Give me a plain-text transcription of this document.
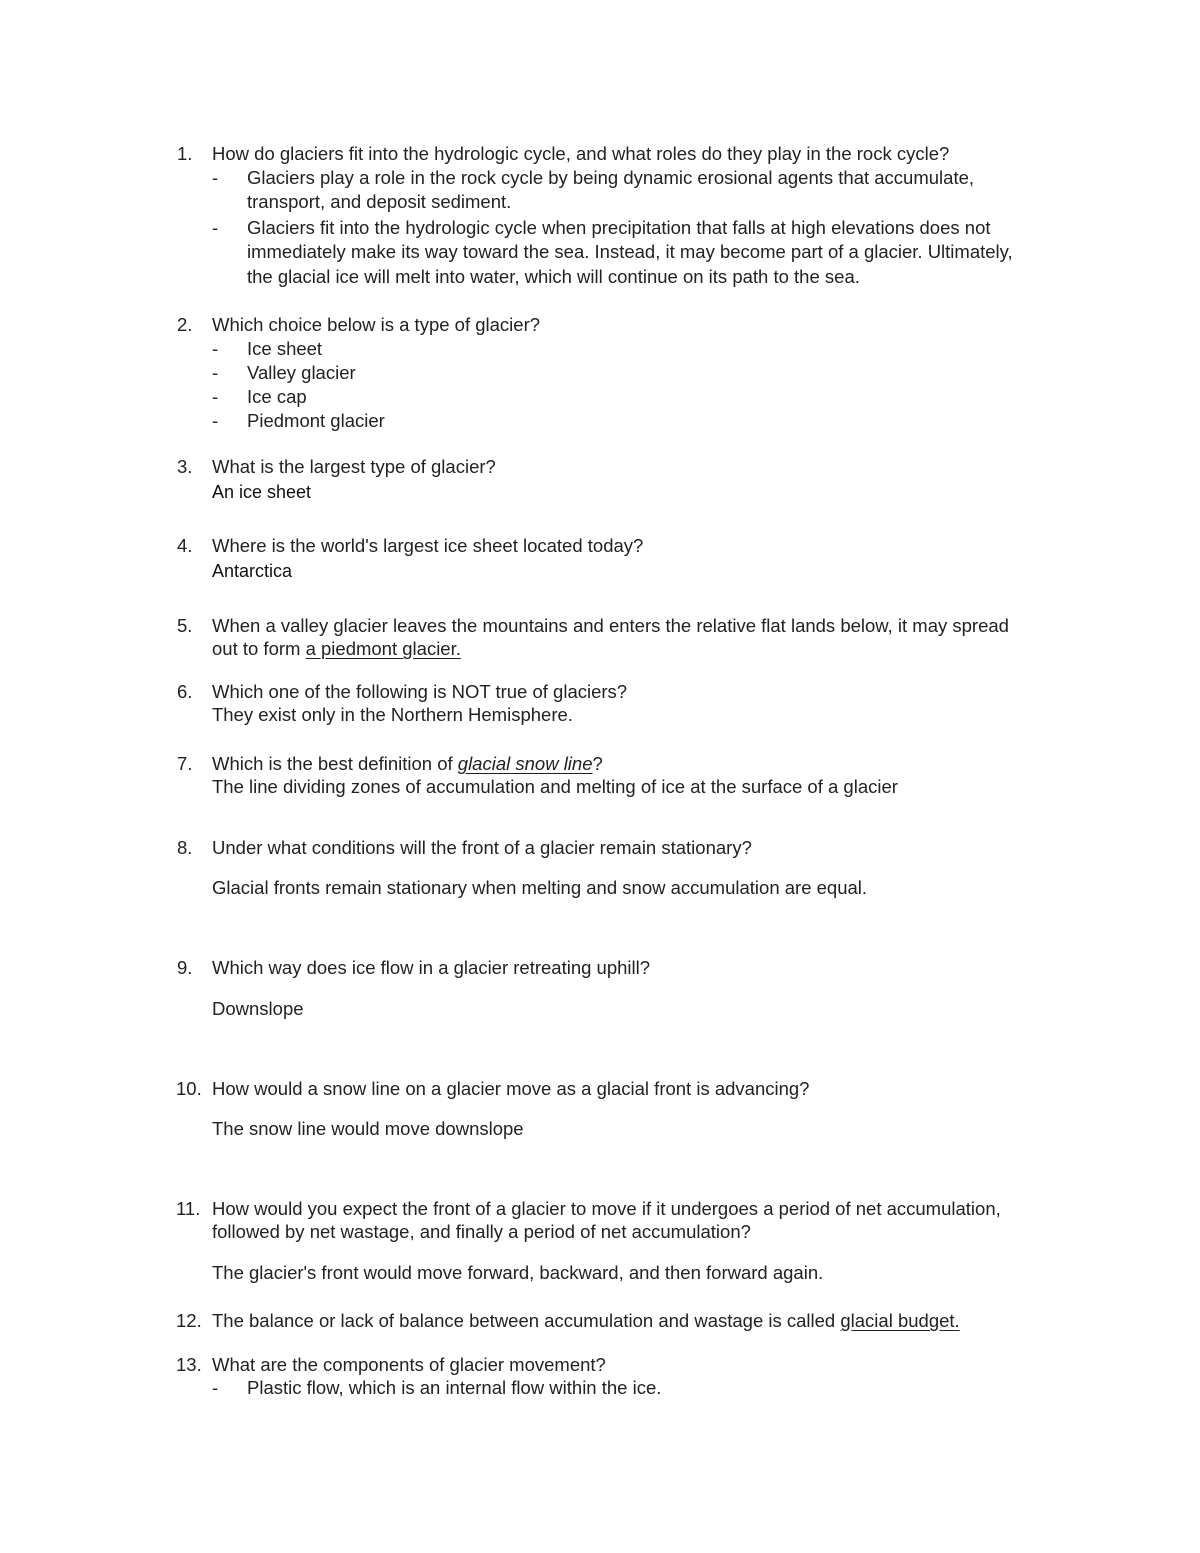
1. How do glaciers fit into the hydrologic cycle, and what roles do they play in the rock cycle?
- Glaciers play a role in the rock cycle by being dynamic erosional agents that accumulate,
transport, and deposit sediment.
- Glaciers fit into the hydrologic cycle when precipitation that falls at high elevations does not
immediately make its way toward the sea. Instead, it may become part of a glacier. Ultimately,
the glacial ice will melt into water, which will continue on its path to the sea.
2. Which choice below is a type of glacier?
- Ice sheet
- Valley glacier
- Ice cap
- Piedmont glacier
3. What is the largest type of glacier?
An ice sheet
4. Where is the world's largest ice sheet located today?
Antarctica
5. When a valley glacier leaves the mountains and enters the relative flat lands below, it may spread
out to form a piedmont glacier.
6. Which one of the following is NOT true of glaciers?
They exist only in the Northern Hemisphere.
7. Which is the best definition of glacial snow line?
The line dividing zones of accumulation and melting of ice at the surface of a glacier
8. Under what conditions will the front of a glacier remain stationary?
Glacial fronts remain stationary when melting and snow accumulation are equal.
9. Which way does ice flow in a glacier retreating uphill?
Downslope
10. How would a snow line on a glacier move as a glacial front is advancing?
The snow line would move downslope
11. How would you expect the front of a glacier to move if it undergoes a period of net accumulation,
followed by net wastage, and finally a period of net accumulation?
The glacier's front would move forward, backward, and then forward again.
12. The balance or lack of balance between accumulation and wastage is called glacial budget.
13. What are the components of glacier movement?
- Plastic flow, which is an internal flow within the ice.
